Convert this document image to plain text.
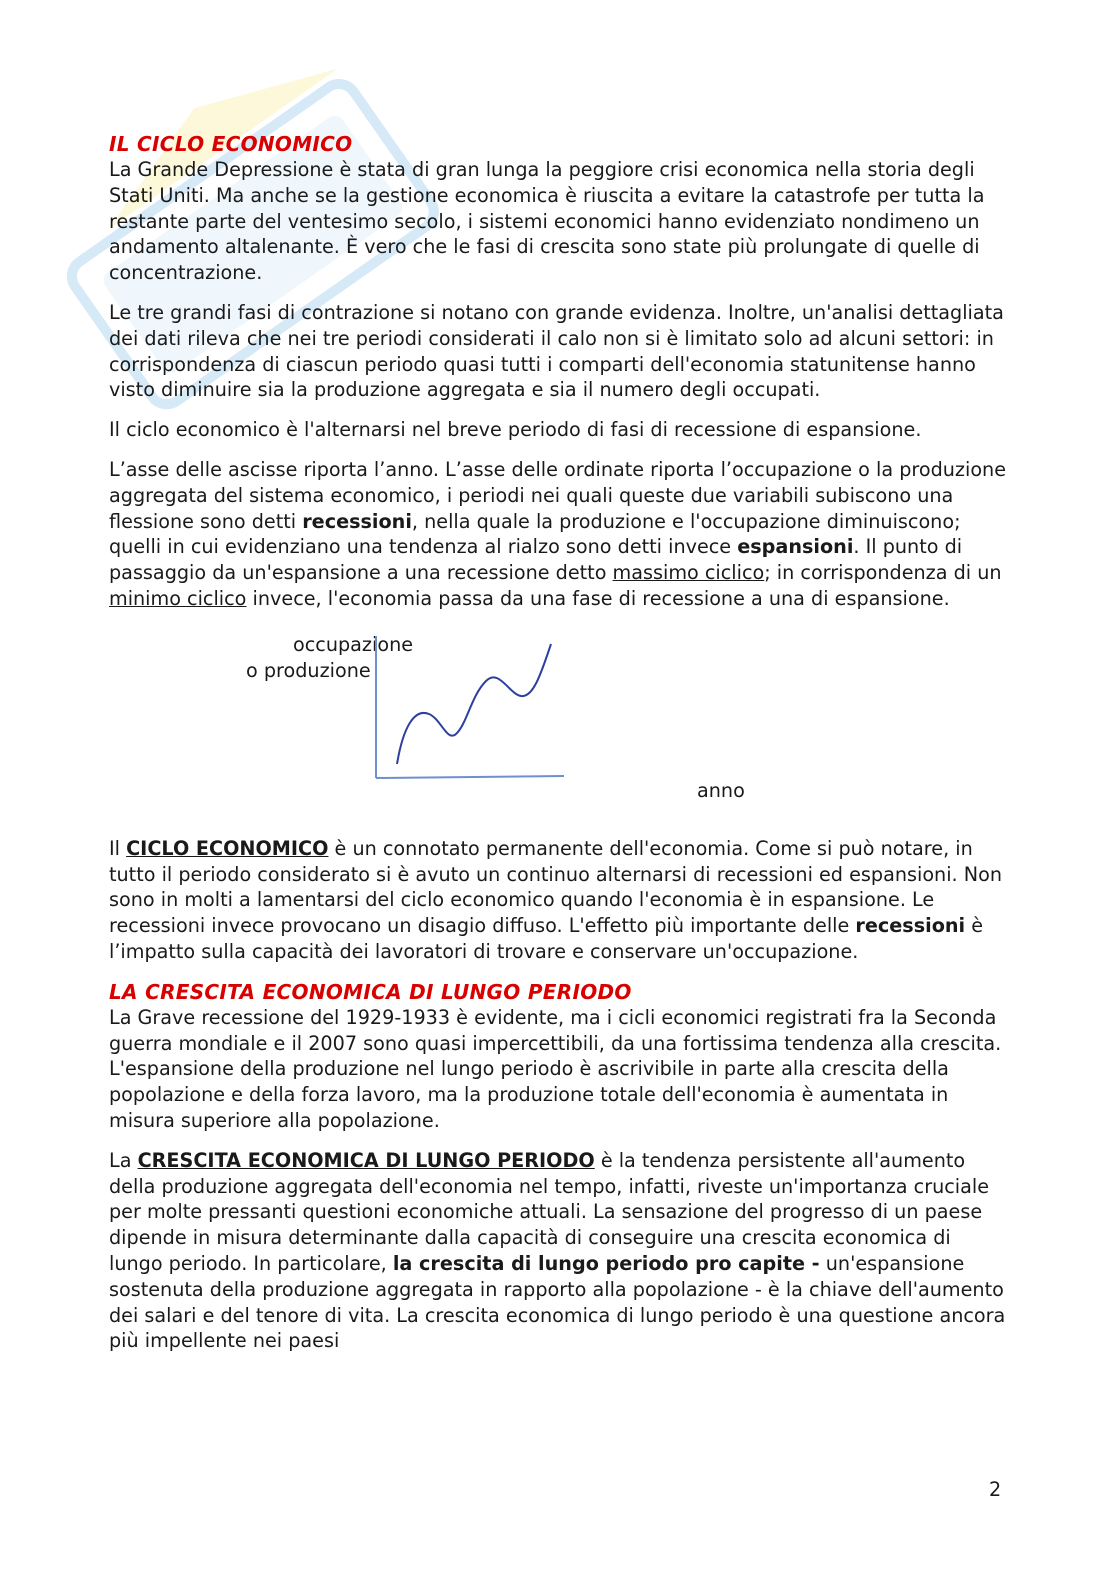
IL CICLO ECONOMICO

La Grande Depressione è stata di gran lunga la peggiore crisi economica nella storia degli Stati Uniti. Ma anche se la gestione economica è riuscita a evitare la catastrofe per tutta la restante parte del ventesimo secolo, i sistemi economici hanno evidenziato nondimeno un andamento altalenante. È vero che le fasi di crescita sono state più prolungate di quelle di concentrazione.

Le tre grandi fasi di contrazione si notano con grande evidenza. Inoltre, un'analisi dettagliata dei dati rileva che nei tre periodi considerati il calo non si è limitato solo ad alcuni settori: in corrispondenza di ciascun periodo quasi tutti i comparti dell'economia statunitense hanno visto diminuire sia la produzione aggregata e sia il numero degli occupati.

Il ciclo economico è l'alternarsi nel breve periodo di fasi di recessione di espansione.

L’asse delle ascisse riporta l’anno. L’asse delle ordinate riporta l’occupazione o la produzione aggregata del sistema economico, i periodi nei quali queste due variabili subiscono una flessione sono detti recessioni, nella quale la produzione e l'occupazione diminuiscono; quelli in cui evidenziano una tendenza al rialzo sono detti invece espansioni. Il punto di passaggio da un'espansione a una recessione detto massimo ciclico; in corrispondenza di un minimo ciclico invece, l'economia passa da una fase di recessione a una di espansione.

occupazione
o produzione
anno

Il CICLO ECONOMICO è un connotato permanente dell'economia. Come si può notare, in tutto il periodo considerato si è avuto un continuo alternarsi di recessioni ed espansioni. Non sono in molti a lamentarsi del ciclo economico quando l'economia è in espansione. Le recessioni invece provocano un disagio diffuso. L'effetto più importante delle recessioni è l’impatto sulla capacità dei lavoratori di trovare e conservare un'occupazione.

LA CRESCITA ECONOMICA DI LUNGO PERIODO

La Grave recessione del 1929-1933 è evidente, ma i cicli economici registrati fra la Seconda guerra mondiale e il 2007 sono quasi impercettibili, da una fortissima tendenza alla crescita. L'espansione della produzione nel lungo periodo è ascrivibile in parte alla crescita della popolazione e della forza lavoro, ma la produzione totale dell'economia è aumentata in misura superiore alla popolazione.

La CRESCITA ECONOMICA DI LUNGO PERIODO è la tendenza persistente all'aumento della produzione aggregata dell'economia nel tempo, infatti, riveste un'importanza cruciale per molte pressanti questioni economiche attuali. La sensazione del progresso di un paese dipende in misura determinante dalla capacità di conseguire una crescita economica di lungo periodo. In particolare, la crescita di lungo periodo pro capite - un'espansione sostenuta della produzione aggregata in rapporto alla popolazione - è la chiave dell'aumento dei salari e del tenore di vita. La crescita economica di lungo periodo è una questione ancora più impellente nei paesi

2
